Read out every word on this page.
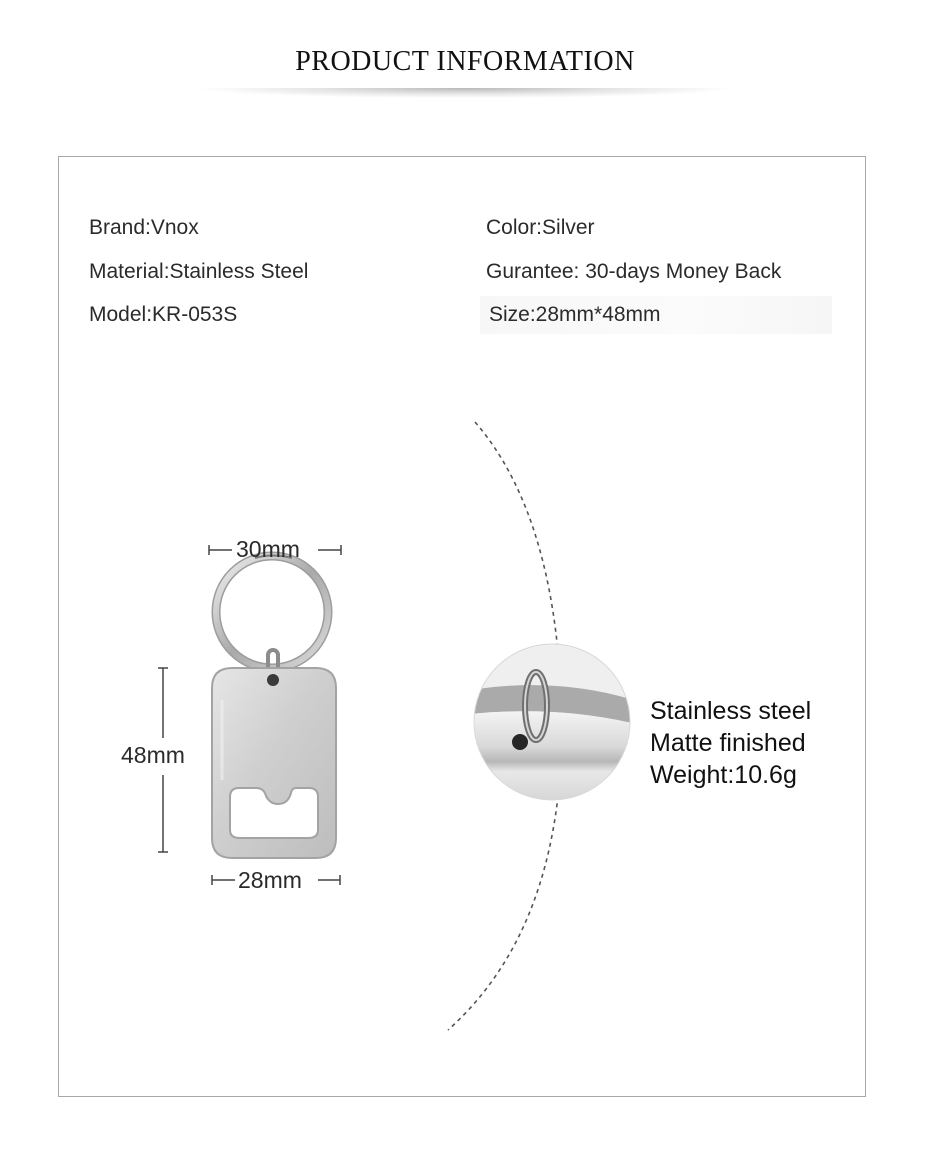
PRODUCT INFORMATION
Brand:Vnox
Material:Stainless Steel
Model:KR-053S
Color:Silver
Gurantee: 30-days Money Back
Size:28mm*48mm
30mm
48mm
28mm
Stainless steel
Matte finished
Weight:10.6g
